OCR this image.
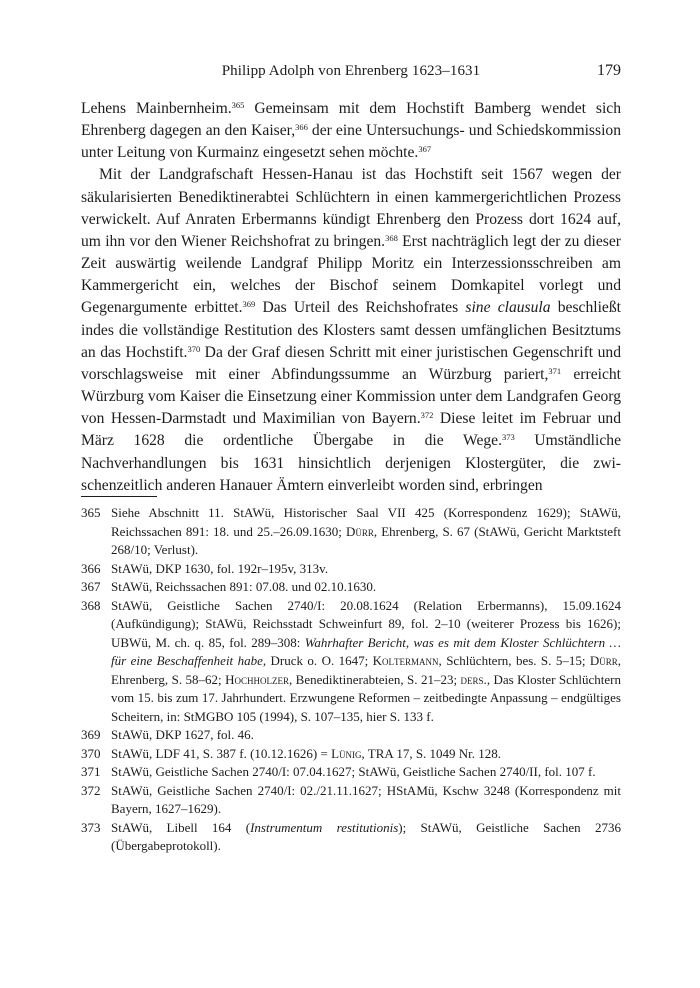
Philipp Adolph von Ehrenberg 1623–1631	179

Lehens Mainbernheim.$^{365}$ Gemeinsam mit dem Hochstift Bamberg wendet sich Ehrenberg dagegen an den Kaiser,$^{366}$ der eine Untersuchungs- und Schiedskommission unter Leitung von Kurmainz eingesetzt sehen möchte.$^{367}$

Mit der Landgrafschaft Hessen-Hanau ist das Hochstift seit 1567 wegen der säkularisierten Benediktinerabtei Schlüchtern in einen kammergerichtlichen Prozess verwickelt. Auf Anraten Erbermanns kündigt Ehrenberg den Prozess dort 1624 auf, um ihn vor den Wiener Reichshofrat zu bringen.$^{368}$ Erst nachträglich legt der zu dieser Zeit auswärtig weilende Landgraf Philipp Moritz ein Interzessionsschreiben am Kammergericht ein, welches der Bischof seinem Domkapitel vorlegt und Gegenargumente erbittet.$^{369}$ Das Urteil des Reichshofrates sine clausula beschließt indes die vollständige Restitution des Klosters samt dessen umfänglichen Besitztums an das Hochstift.$^{370}$ Da der Graf diesen Schritt mit einer juristischen Gegenschrift und vorschlagsweise mit einer Abfindungssumme an Würzburg pariert,$^{371}$ erreicht Würzburg vom Kaiser die Einsetzung einer Kommission unter dem Landgrafen Georg von Hessen-Darmstadt und Maximilian von Bayern.$^{372}$ Diese leitet im Februar und März 1628 die ordentliche Übergabe in die Wege.$^{373}$ Umständliche Nachverhandlungen bis 1631 hinsichtlich derjenigen Klostergüter, die zwischenzeitlich anderen Hanauer Ämtern einverleibt worden sind, erbringen

365 Siehe Abschnitt 11. StAWü, Historischer Saal VII 425 (Korrespondenz 1629); StAWü, Reichssachen 891: 18. und 25.–26.09.1630; Dürr, Ehrenberg, S. 67 (StAWü, Gericht Marktsteft 268/10; Verlust).
366 StAWü, DKP 1630, fol. 192r–195v, 313v.
367 StAWü, Reichssachen 891: 07.08. und 02.10.1630.
368 StAWü, Geistliche Sachen 2740/I: 20.08.1624 (Relation Erbermanns), 15.09.1624 (Aufkündigung); StAWü, Reichsstadt Schweinfurt 89, fol. 2–10 (weiterer Prozess bis 1626); UBWü, M. ch. q. 85, fol. 289–308: Wahrhafter Bericht, was es mit dem Kloster Schlüchtern … für eine Beschaffenheit habe, Druck o. O. 1647; Koltermann, Schlüchtern, bes. S. 5–15; Dürr, Ehrenberg, S. 58–62; Hochholzer, Benediktinerabteien, S. 21–23; ders., Das Kloster Schlüchtern vom 15. bis zum 17. Jahrhundert. Erzwungene Reformen – zeitbedingte Anpassung – endgültiges Scheitern, in: StMGBO 105 (1994), S. 107–135, hier S. 133 f.
369 StAWü, DKP 1627, fol. 46.
370 StAWü, LDF 41, S. 387 f. (10.12.1626) = Lünig, TRA 17, S. 1049 Nr. 128.
371 StAWü, Geistliche Sachen 2740/I: 07.04.1627; StAWü, Geistliche Sachen 2740/II, fol. 107 f.
372 StAWü, Geistliche Sachen 2740/I: 02./21.11.1627; HStAMü, Kschw 3248 (Korrespondenz mit Bayern, 1627–1629).
373 StAWü, Libell 164 (Instrumentum restitutionis); StAWü, Geistliche Sachen 2736 (Übergabeprotokoll).
